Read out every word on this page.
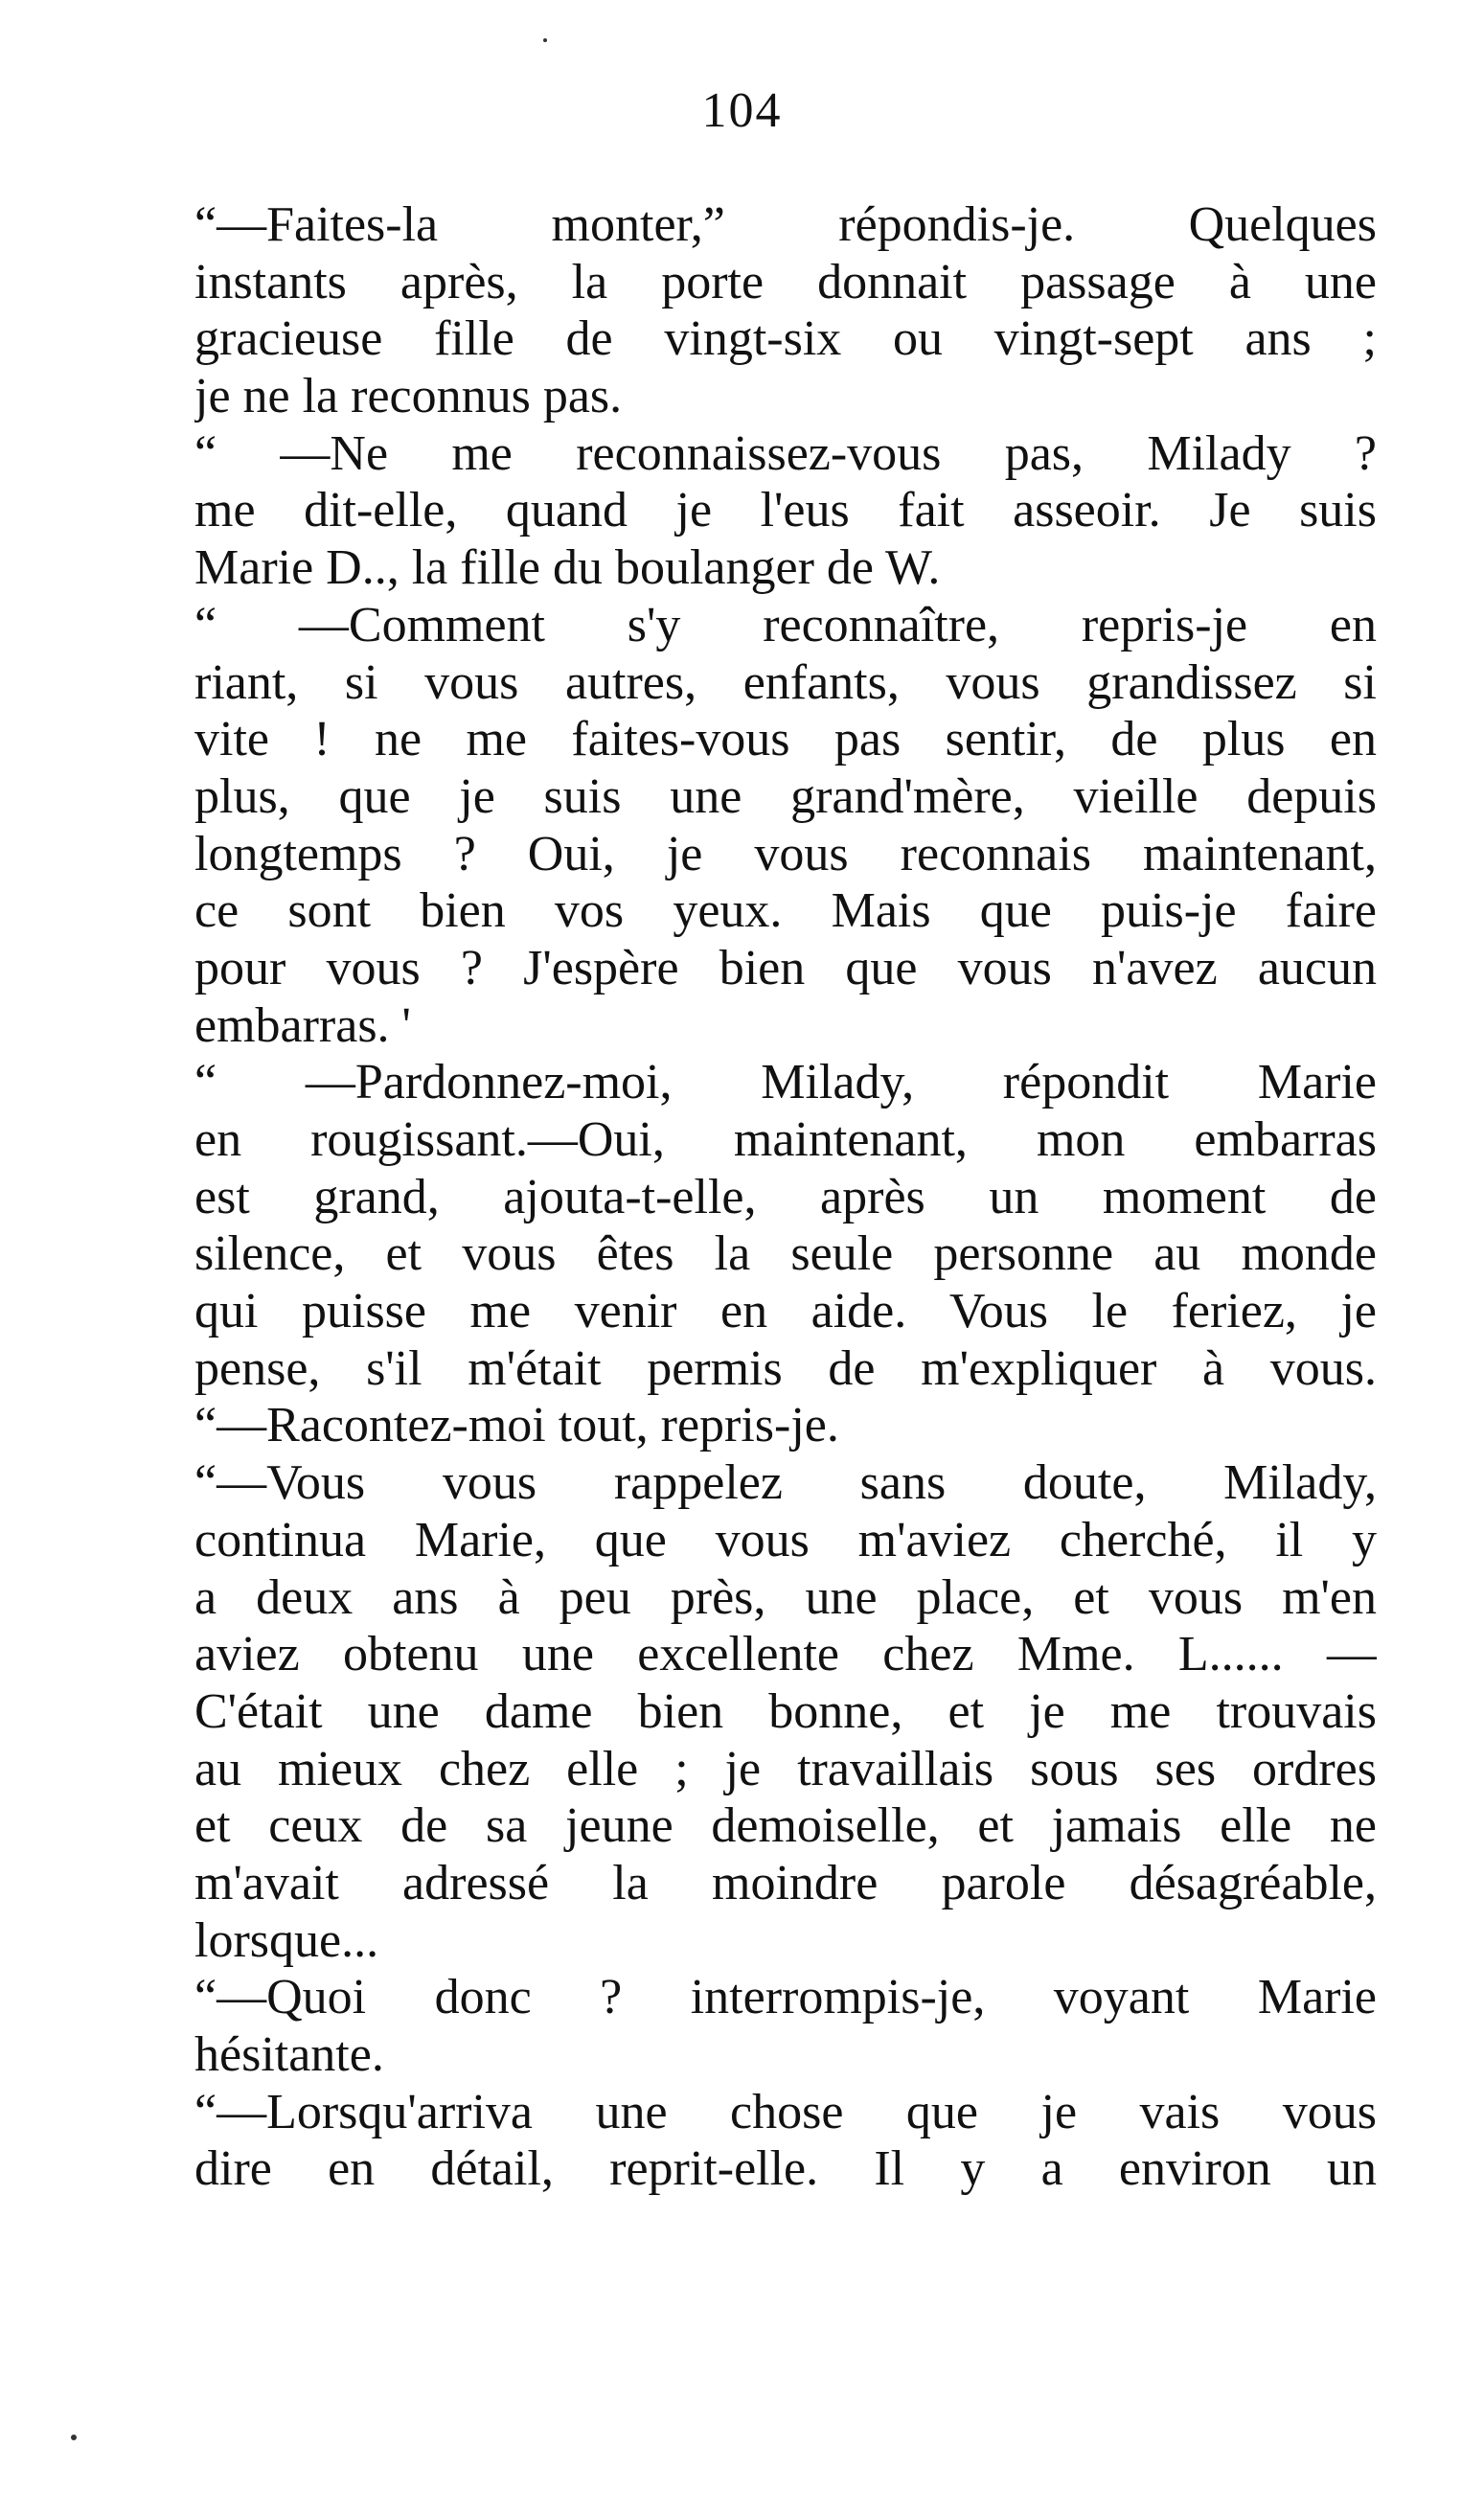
104
“—Faites-la monter,” répondis-je. Quelques
instants après, la porte donnait passage à une
gracieuse fille de vingt-six ou vingt-sept ans ;
je ne la reconnus pas.
“ —Ne me reconnaissez-vous pas, Milady ?
me dit-elle, quand je l'eus fait asseoir. Je suis
Marie D.., la fille du boulanger de W.
“ —Comment s'y reconnaître, repris-je en
riant, si vous autres, enfants, vous grandissez si
vite ! ne me faites-vous pas sentir, de plus en
plus, que je suis une grand'mère, vieille depuis
longtemps ? Oui, je vous reconnais maintenant,
ce sont bien vos yeux. Mais que puis-je faire
pour vous ? J'espère bien que vous n'avez aucun
embarras. '
“ —Pardonnez-moi, Milady, répondit Marie
en rougissant.—Oui, maintenant, mon embarras
est grand, ajouta-t-elle, après un moment de
silence, et vous êtes la seule personne au monde
qui puisse me venir en aide. Vous le feriez, je
pense, s'il m'était permis de m'expliquer à vous.
“—Racontez-moi tout, repris-je.
“—Vous vous rappelez sans doute, Milady,
continua Marie, que vous m'aviez cherché, il y
a deux ans à peu près, une place, et vous m'en
aviez obtenu une excellente chez Mme. L...... —
C'était une dame bien bonne, et je me trouvais
au mieux chez elle ; je travaillais sous ses ordres
et ceux de sa jeune demoiselle, et jamais elle ne
m'avait adressé la moindre parole désagréable,
lorsque...
“—Quoi donc ? interrompis-je, voyant Marie
hésitante.
“—Lorsqu'arriva une chose que je vais vous
dire en détail, reprit-elle. Il y a environ un
